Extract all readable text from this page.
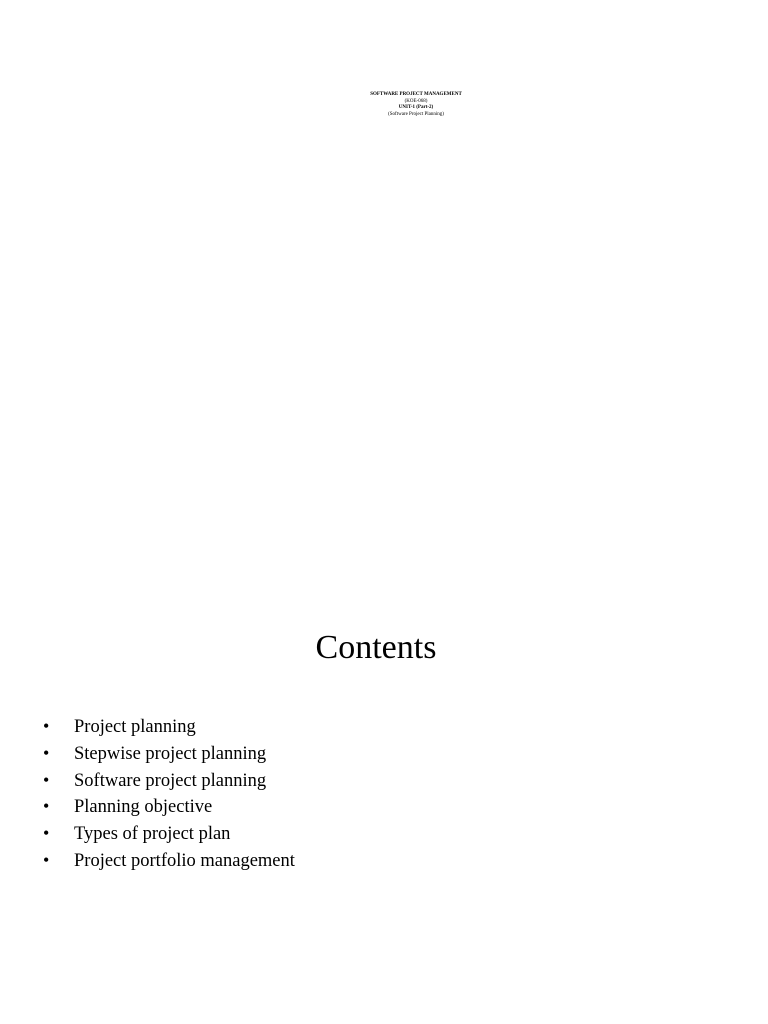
SOFTWARE PROJECT MANAGEMENT
(KOE-068)
UNIT-1 (Part-2)
(Software Project Planning)
Contents
• Project planning
• Stepwise project planning
• Software project planning
• Planning objective
• Types of project plan
• Project portfolio management
